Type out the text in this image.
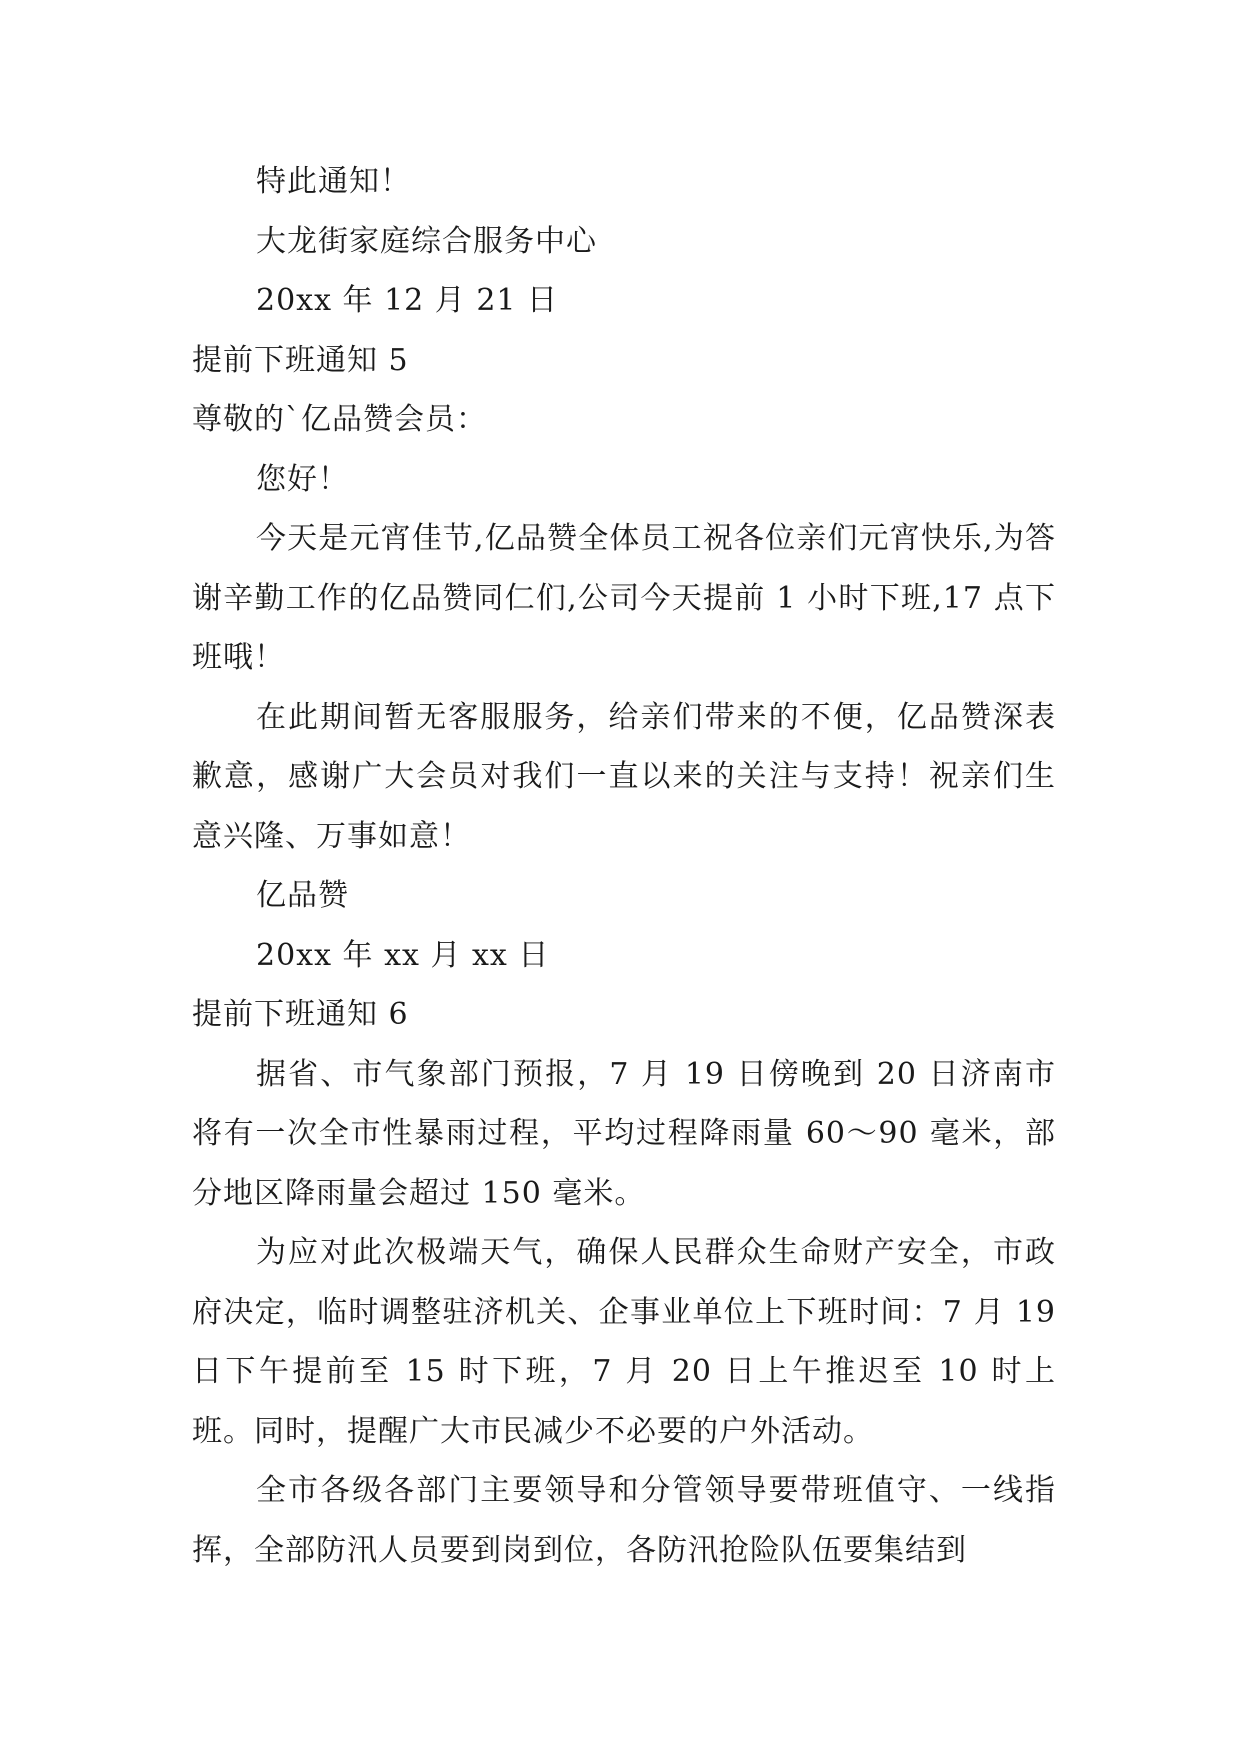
特此通知！

大龙街家庭综合服务中心

20xx 年 12 月 21 日

提前下班通知 5

尊敬的`亿品赞会员：

您好！

今天是元宵佳节,亿品赞全体员工祝各位亲们元宵快乐,为答谢辛勤工作的亿品赞同仁们,公司今天提前 1 小时下班,17 点下班哦！

在此期间暂无客服服务，给亲们带来的不便，亿品赞深表歉意，感谢广大会员对我们一直以来的关注与支持！祝亲们生意兴隆、万事如意！

亿品赞

20xx 年 xx 月 xx 日

提前下班通知 6

据省、市气象部门预报，7 月 19 日傍晚到 20 日济南市将有一次全市性暴雨过程，平均过程降雨量 60～90 毫米，部分地区降雨量会超过 150 毫米。

为应对此次极端天气，确保人民群众生命财产安全，市政府决定，临时调整驻济机关、企事业单位上下班时间：7 月 19 日下午提前至 15 时下班，7 月 20 日上午推迟至 10 时上班。同时，提醒广大市民减少不必要的户外活动。

全市各级各部门主要领导和分管领导要带班值守、一线指挥，全部防汛人员要到岗到位，各防汛抢险队伍要集结到
